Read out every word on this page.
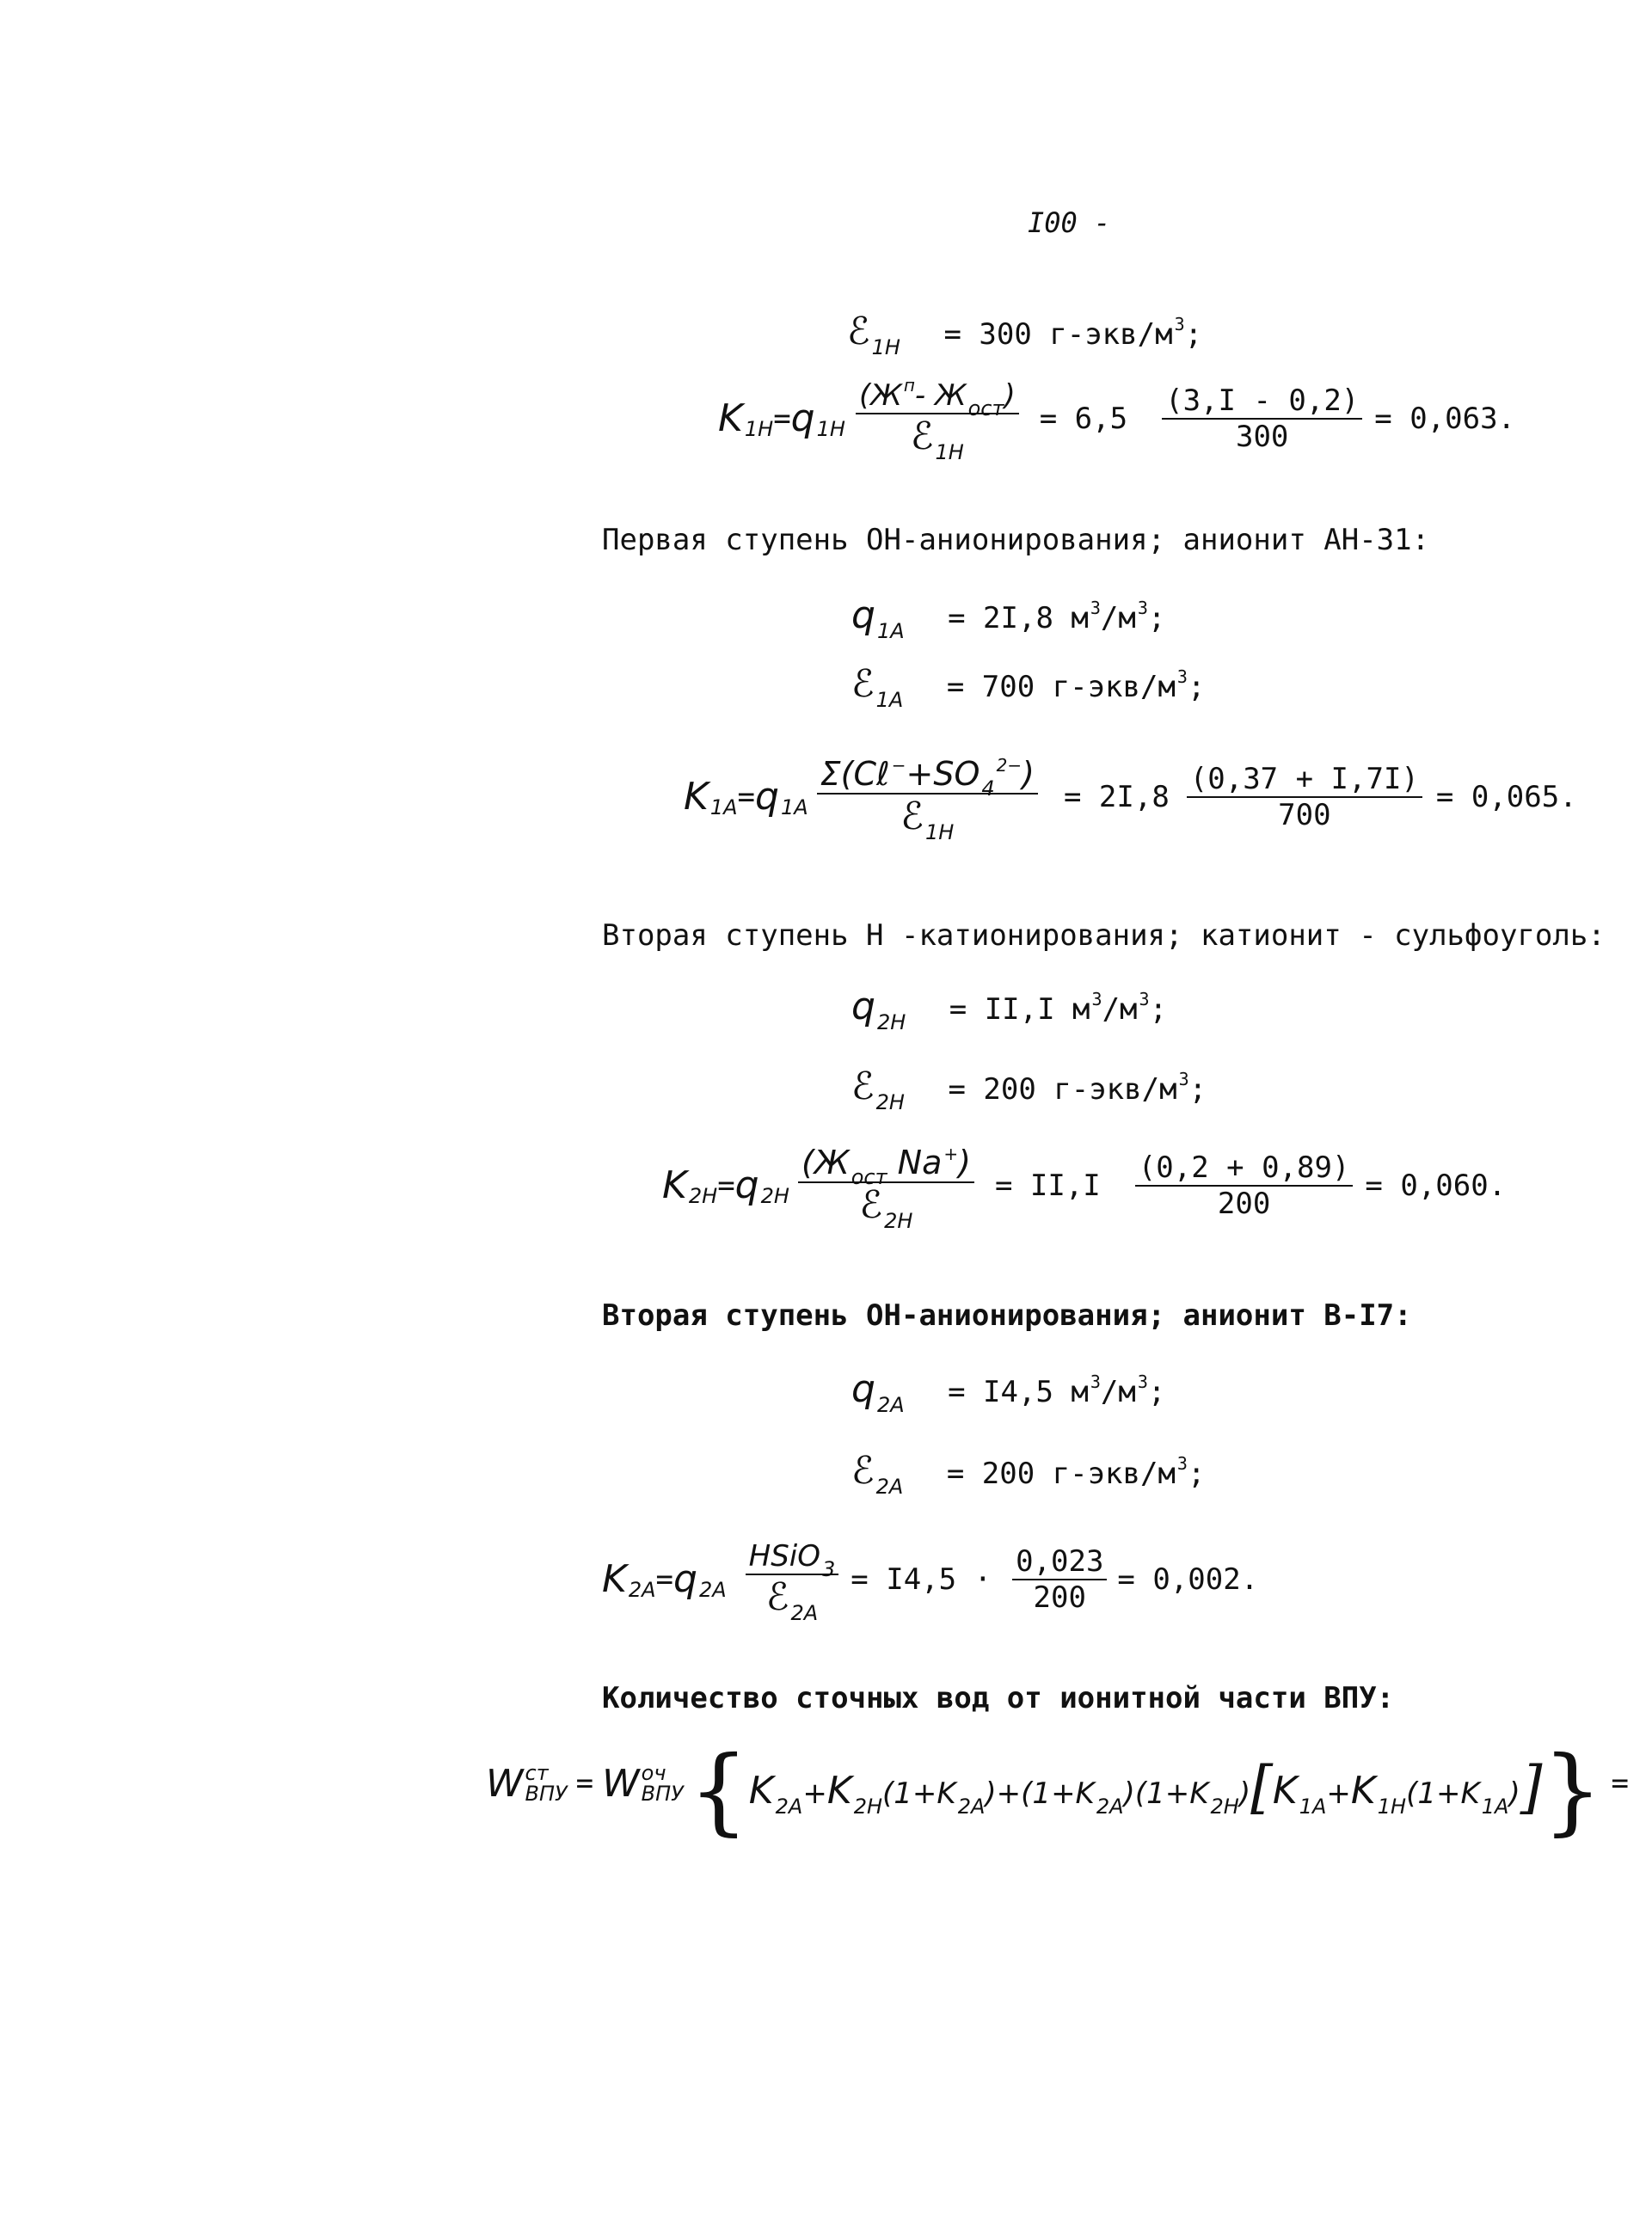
I00 -
ℰ$_{1H}$ = 300 г-экв/м $^3$;
K 1H = q $1H \frac{(Ж ^п- Ж_{ост})}{ℰ_{1H}} = 6,5 \frac{(3,I - 0,2)}{300} = 0,063$.
Первая ступень ОН-анионирования; анионит АН-31:
$q_{1A} = 2I,8$ м $^3$/м $^3$;
ℰ$_{1A}$ = 700 г-экв/м $^3$;
K 1A = q $1A \frac{\Sigma(C\ell ^-+SO_4^{2-})}{ℰ_{1H}} = 2I,8 \frac{(0,37 + I,7I)}{700} = 0,065$.
Вторая ступень H -катионирования; катионит - сульфоуголь:
$q_{2H} = II,I$ м $^3$/м $^3$;
ℰ$_{2H}$ = 200 г-экв/м $^3$;
K 2H = q $2H \frac{(Ж_{ост} Na ^+)}{ℰ_{2H}} = II,I \frac{(0,2 + 0,89)}{200} = 0,060$.
Вторая ступень ОН-анионирования; анионит В-I7:
$q_{2A} = I4,5$ м $^3$/м $^3$;
ℰ$_{2A}$ = 200 г-экв/м $^3$;
K 2A = q $2A \frac{HSiO_3}{ℰ_{2A}} = I4,5 \cdot \frac{0,023}{200} = 0,002$.
Количество сточных вод от ионитной части ВПУ:
W ст
ВПУ = W оч
ВПУ { $K_{2A}+K_{2H}(1+K_{2A})+(1+K_{2A})(1+K_{2H})[K_{1A}+K_{1H}(1+K_{1A})]$ } =
